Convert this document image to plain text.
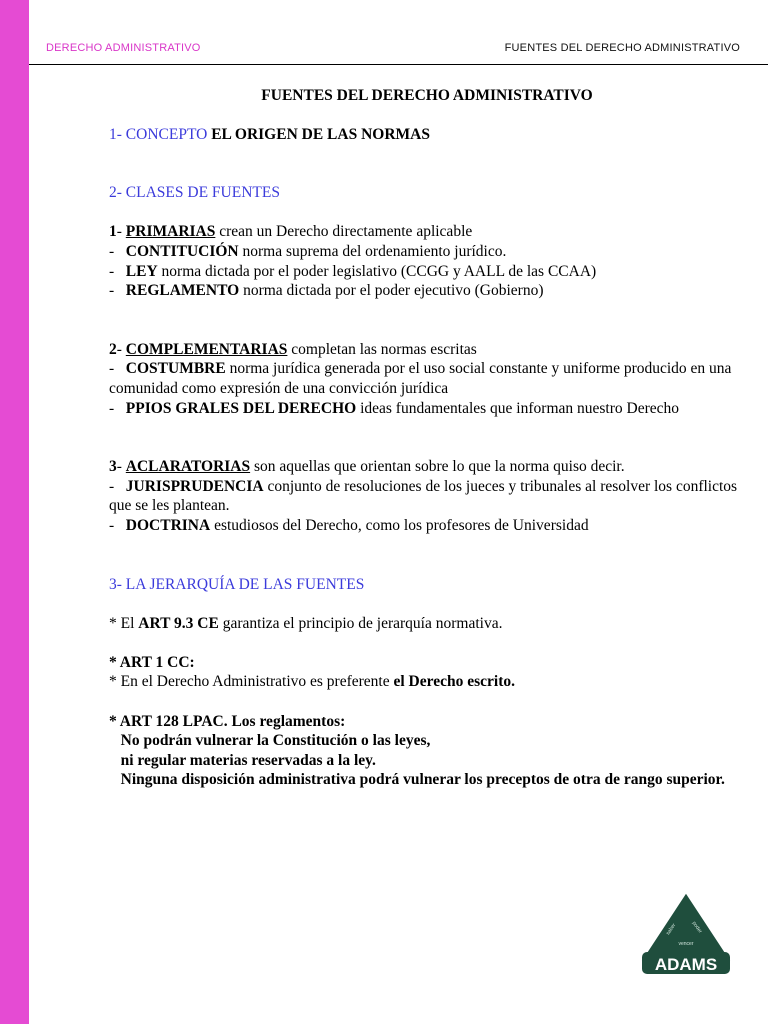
DERECHO ADMINISTRATIVO	FUENTES DEL DERECHO ADMINISTRATIVO

FUENTES DEL DERECHO ADMINISTRATIVO

1- CONCEPTO EL ORIGEN DE LAS NORMAS

2- CLASES DE FUENTES

1- PRIMARIAS crean un Derecho directamente aplicable

-   CONTITUCIÓN norma suprema del ordenamiento jurídico.

-   LEY norma dictada por el poder legislativo (CCGG y AALL de las CCAA)

-   REGLAMENTO norma dictada por el poder ejecutivo (Gobierno)

2- COMPLEMENTARIAS completan las normas escritas

-   COSTUMBRE norma jurídica generada por el uso social constante y uniforme producido en una comunidad como expresión de una convicción jurídica

-   PPIOS GRALES DEL DERECHO ideas fundamentales que informan nuestro Derecho

3- ACLARATORIAS son aquellas que orientan sobre lo que la norma quiso decir.

-   JURISPRUDENCIA conjunto de resoluciones de los jueces y tribunales al resolver los conflictos que se les plantean.

-   DOCTRINA estudiosos del Derecho, como los profesores de Universidad

3- LA JERARQUÍA DE LAS FUENTES

* El ART 9.3 CE garantiza el principio de jerarquía normativa.

* ART 1 CC:

* En el Derecho Administrativo es preferente el Derecho escrito.

* ART 128 LPAC. Los reglamentos:

No podrán vulnerar la Constitución o las leyes,

ni regular materias reservadas a la ley.

Ninguna disposición administrativa podrá vulnerar los preceptos de otra de rango superior.

ADAMS
saber	poder
vencer
